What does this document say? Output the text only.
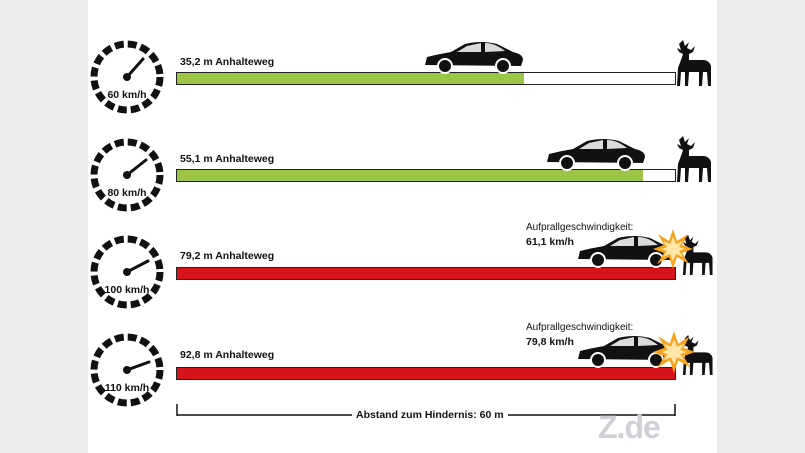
60 km/h
35,2 m Anhalteweg
80 km/h
55,1 m Anhalteweg
100 km/h
79,2 m Anhalteweg
Aufprallgeschwindigkeit:
61,1 km/h
110 km/h
92,8 m Anhalteweg
Aufprallgeschwindigkeit:
79,8 km/h
Abstand zum Hindernis: 60 m	Z.de
